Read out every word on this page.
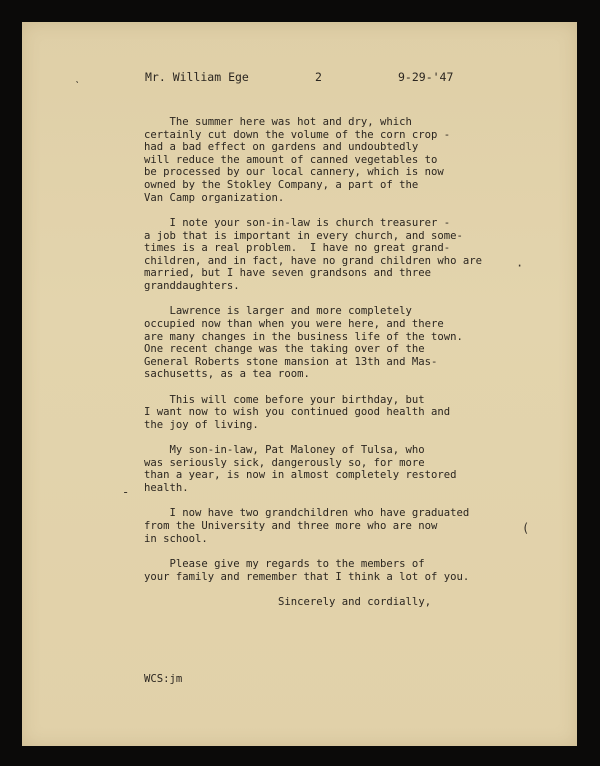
Mr. William Ege	2	9-29-'47

The summer here was hot and dry, which
certainly cut down the volume of the corn crop -
had a bad effect on gardens and undoubtedly
will reduce the amount of canned vegetables to
be processed by our local cannery, which is now
owned by the Stokley Company, a part of the
Van Camp organization.

I note your son-in-law is church treasurer -
a job that is important in every church, and some-
times is a real problem.  I have no great grand-
children, and in fact, have no grand children who are
married, but I have seven grandsons and three
granddaughters.

Lawrence is larger and more completely
occupied now than when you were here, and there
are many changes in the business life of the town.
One recent change was the taking over of the
General Roberts stone mansion at 13th and Mas-
sachusetts, as a tea room.

This will come before your birthday, but
I want now to wish you continued good health and
the joy of living.

My son-in-law, Pat Maloney of Tulsa, who
was seriously sick, dangerously so, for more
than a year, is now in almost completely restored
health.

I now have two grandchildren who have graduated
from the University and three more who are now
in school.

Please give my regards to the members of
your family and remember that I think a lot of you.

Sincerely and cordially,

WCS:jm
ˋ
·
-
(
